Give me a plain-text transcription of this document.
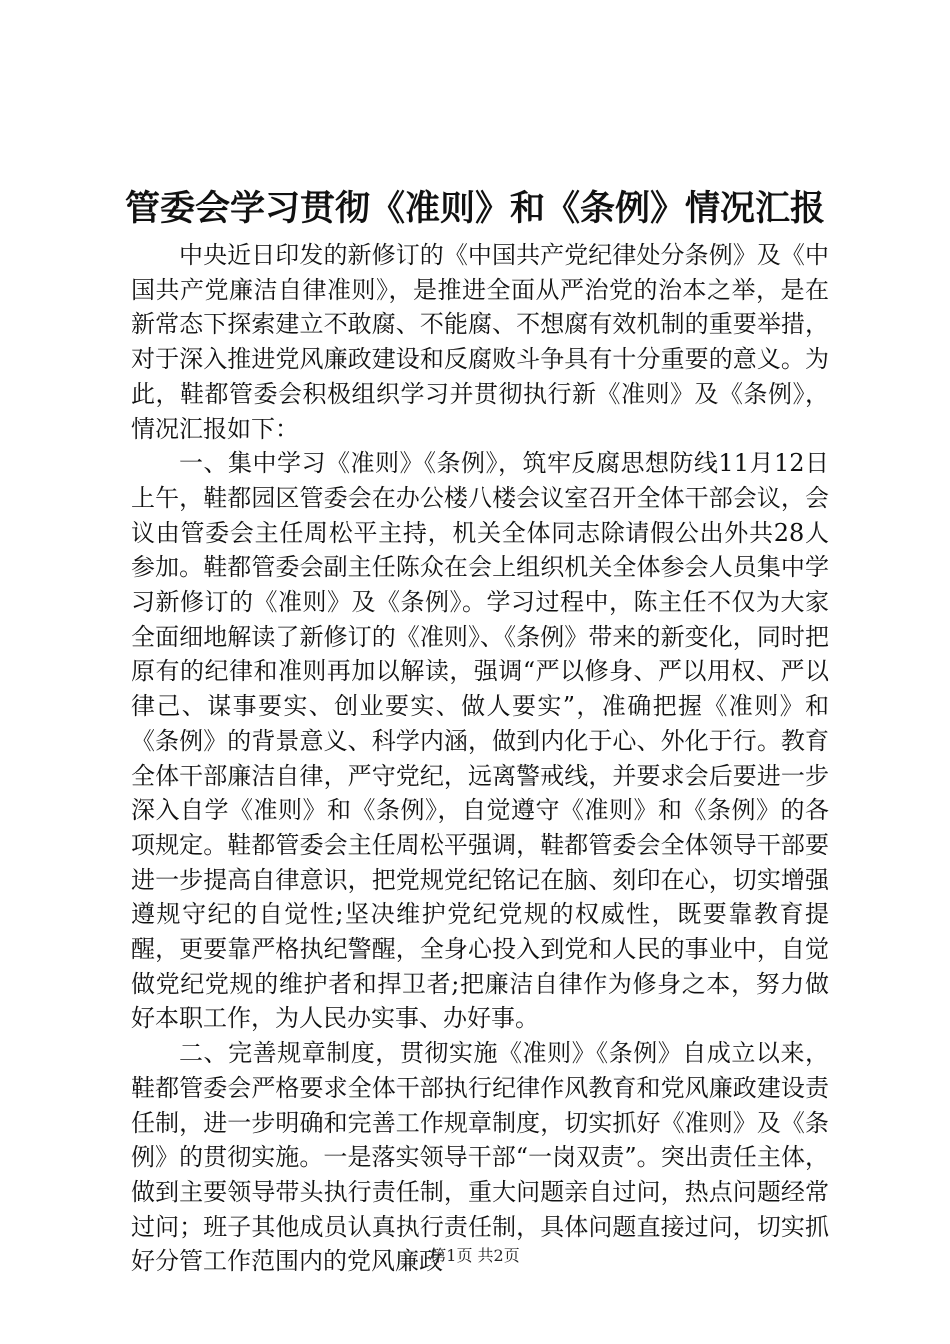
管委会学习贯彻《准则》和《条例》情况汇报

中央近日印发的新修订的《中国共产党纪律处分条例》及《中国共产党廉洁自律准则》，是推进全面从严治党的治本之举，是在新常态下探索建立不敢腐、不能腐、不想腐有效机制的重要举措，对于深入推进党风廉政建设和反腐败斗争具有十分重要的意义。为此，鞋都管委会积极组织学习并贯彻执行新《准则》及《条例》，情况汇报如下：

一、集中学习《准则》《条例》，筑牢反腐思想防线11月12日上午，鞋都园区管委会在办公楼八楼会议室召开全体干部会议，会议由管委会主任周松平主持，机关全体同志除请假公出外共28人参加。鞋都管委会副主任陈众在会上组织机关全体参会人员集中学习新修订的《准则》及《条例》。学习过程中，陈主任不仅为大家全面细地解读了新修订的《准则》、《条例》带来的新变化，同时把原有的纪律和准则再加以解读，强调“严以修身、严以用权、严以律己、谋事要实、创业要实、做人要实”，准确把握《准则》和《条例》的背景意义、科学内涵，做到内化于心、外化于行。教育全体干部廉洁自律，严守党纪，远离警戒线，并要求会后要进一步深入自学《准则》和《条例》，自觉遵守《准则》和《条例》的各项规定。鞋都管委会主任周松平强调，鞋都管委会全体领导干部要进一步提高自律意识，把党规党纪铭记在脑、刻印在心，切实增强遵规守纪的自觉性;坚决维护党纪党规的权威性，既要靠教育提醒，更要靠严格执纪警醒，全身心投入到党和人民的事业中，自觉做党纪党规的维护者和捍卫者;把廉洁自律作为修身之本，努力做好本职工作，为人民办实事、办好事。

二、完善规章制度，贯彻实施《准则》《条例》自成立以来，鞋都管委会严格要求全体干部执行纪律作风教育和党风廉政建设责任制，进一步明确和完善工作规章制度，切实抓好《准则》及《条例》的贯彻实施。一是落实领导干部“一岗双责”。突出责任主体，做到主要领导带头执行责任制，重大问题亲自过问，热点问题经常过问；班子其他成员认真执行责任制，具体问题直接过问，切实抓好分管工作范围内的党风廉政

第1页 共2页
